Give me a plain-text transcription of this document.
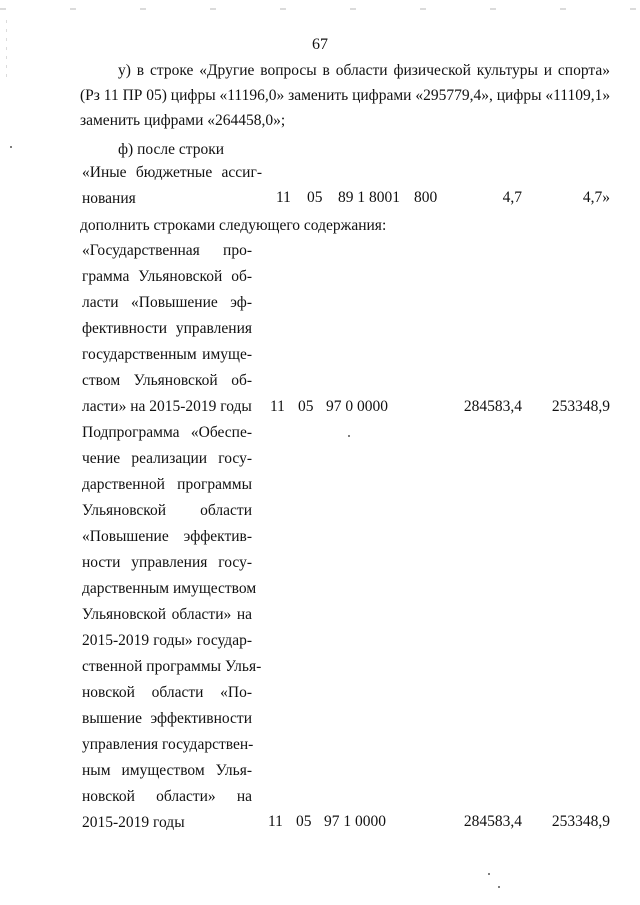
67
у) в строке «Другие вопросы в области физической культуры и спорта»
(Рз 11 ПР 05) цифры «11196,0» заменить цифрами «295779,4», цифры «11109,1»
заменить цифрами «264458,0»;
ф) после строки
«Иные бюджетные ассиг-
нования	11 05 89 1 8001 800	4,7	4,7»
дополнить строками следующего содержания:
«Государственная про-
грамма Ульяновской об-
ласти «Повышение эф-
фективности управления
государственным имуще-
ством Ульяновской об-
ласти» на 2015-2019 годы 11 05 97 0 0000	284583,4	253348,9
Подпрограмма «Обеспе-
чение реализации госу-
дарственной программы
Ульяновской области
«Повышение эффектив-
ности управления госу-
дарственным имуществом
Ульяновской области» на
2015-2019 годы» государ-
ственной программы Улья-
новской области «По-
вышение эффективности
управления государствен-
ным имуществом Улья-
новской области» на
2015-2019 годы	11 05 97 1 0000	284583,4	253348,9
